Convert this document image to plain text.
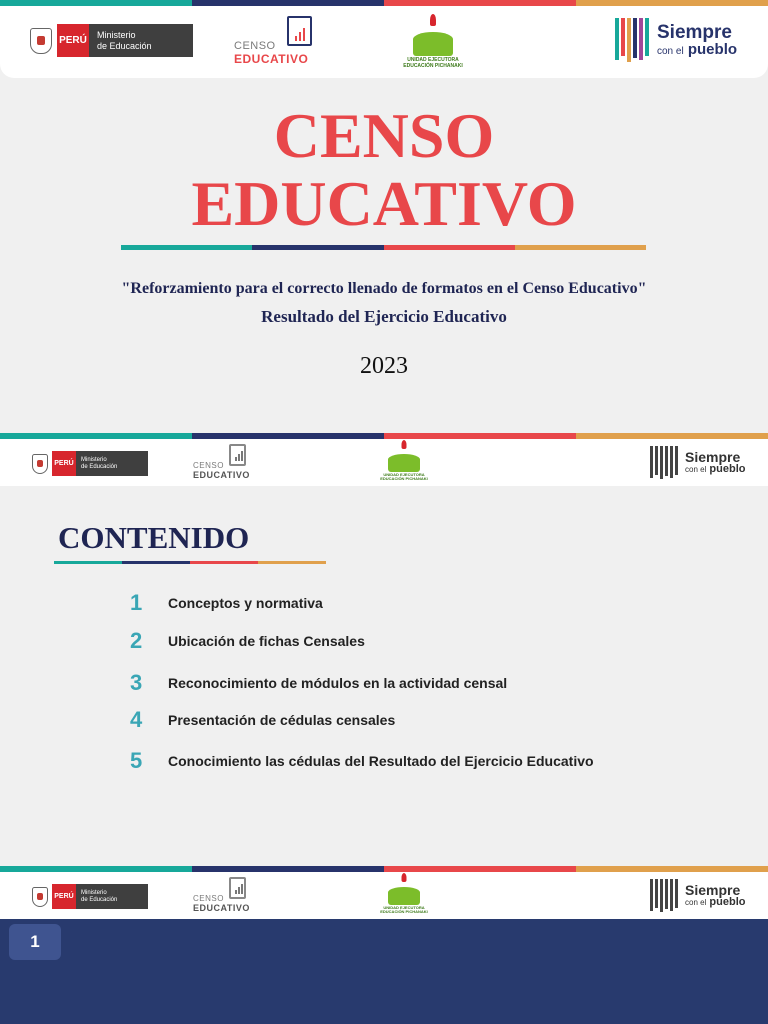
PERÚ Ministerio
de Educación	CENSO
EDUCATIVO	UNIDAD EJECUTORA
EDUCACIÓN PICHANAKI
Siempre
con el pueblo
CENSO
EDUCATIVO
"Reforzamiento para el correcto llenado de formatos en el Censo Educativo"
Resultado del Ejercicio Educativo
2023
PERÚ
Ministerio
de Educación	CENSO
EDUCATIVO	UNIDAD EJECUTORA
EDUCACIÓN PICHANAKI
Siempre
con el pueblo
CONTENIDO
1	Conceptos y normativa
2	Ubicación de fichas Censales
3	Reconocimiento de módulos en la actividad censal
4	Presentación de cédulas censales
5	Conocimiento las cédulas del Resultado del Ejercicio Educativo
PERÚ
Ministerio
de Educación	CENSO
EDUCATIVO	UNIDAD EJECUTORA
EDUCACIÓN PICHANAKI
Siempre
con el pueblo
1
